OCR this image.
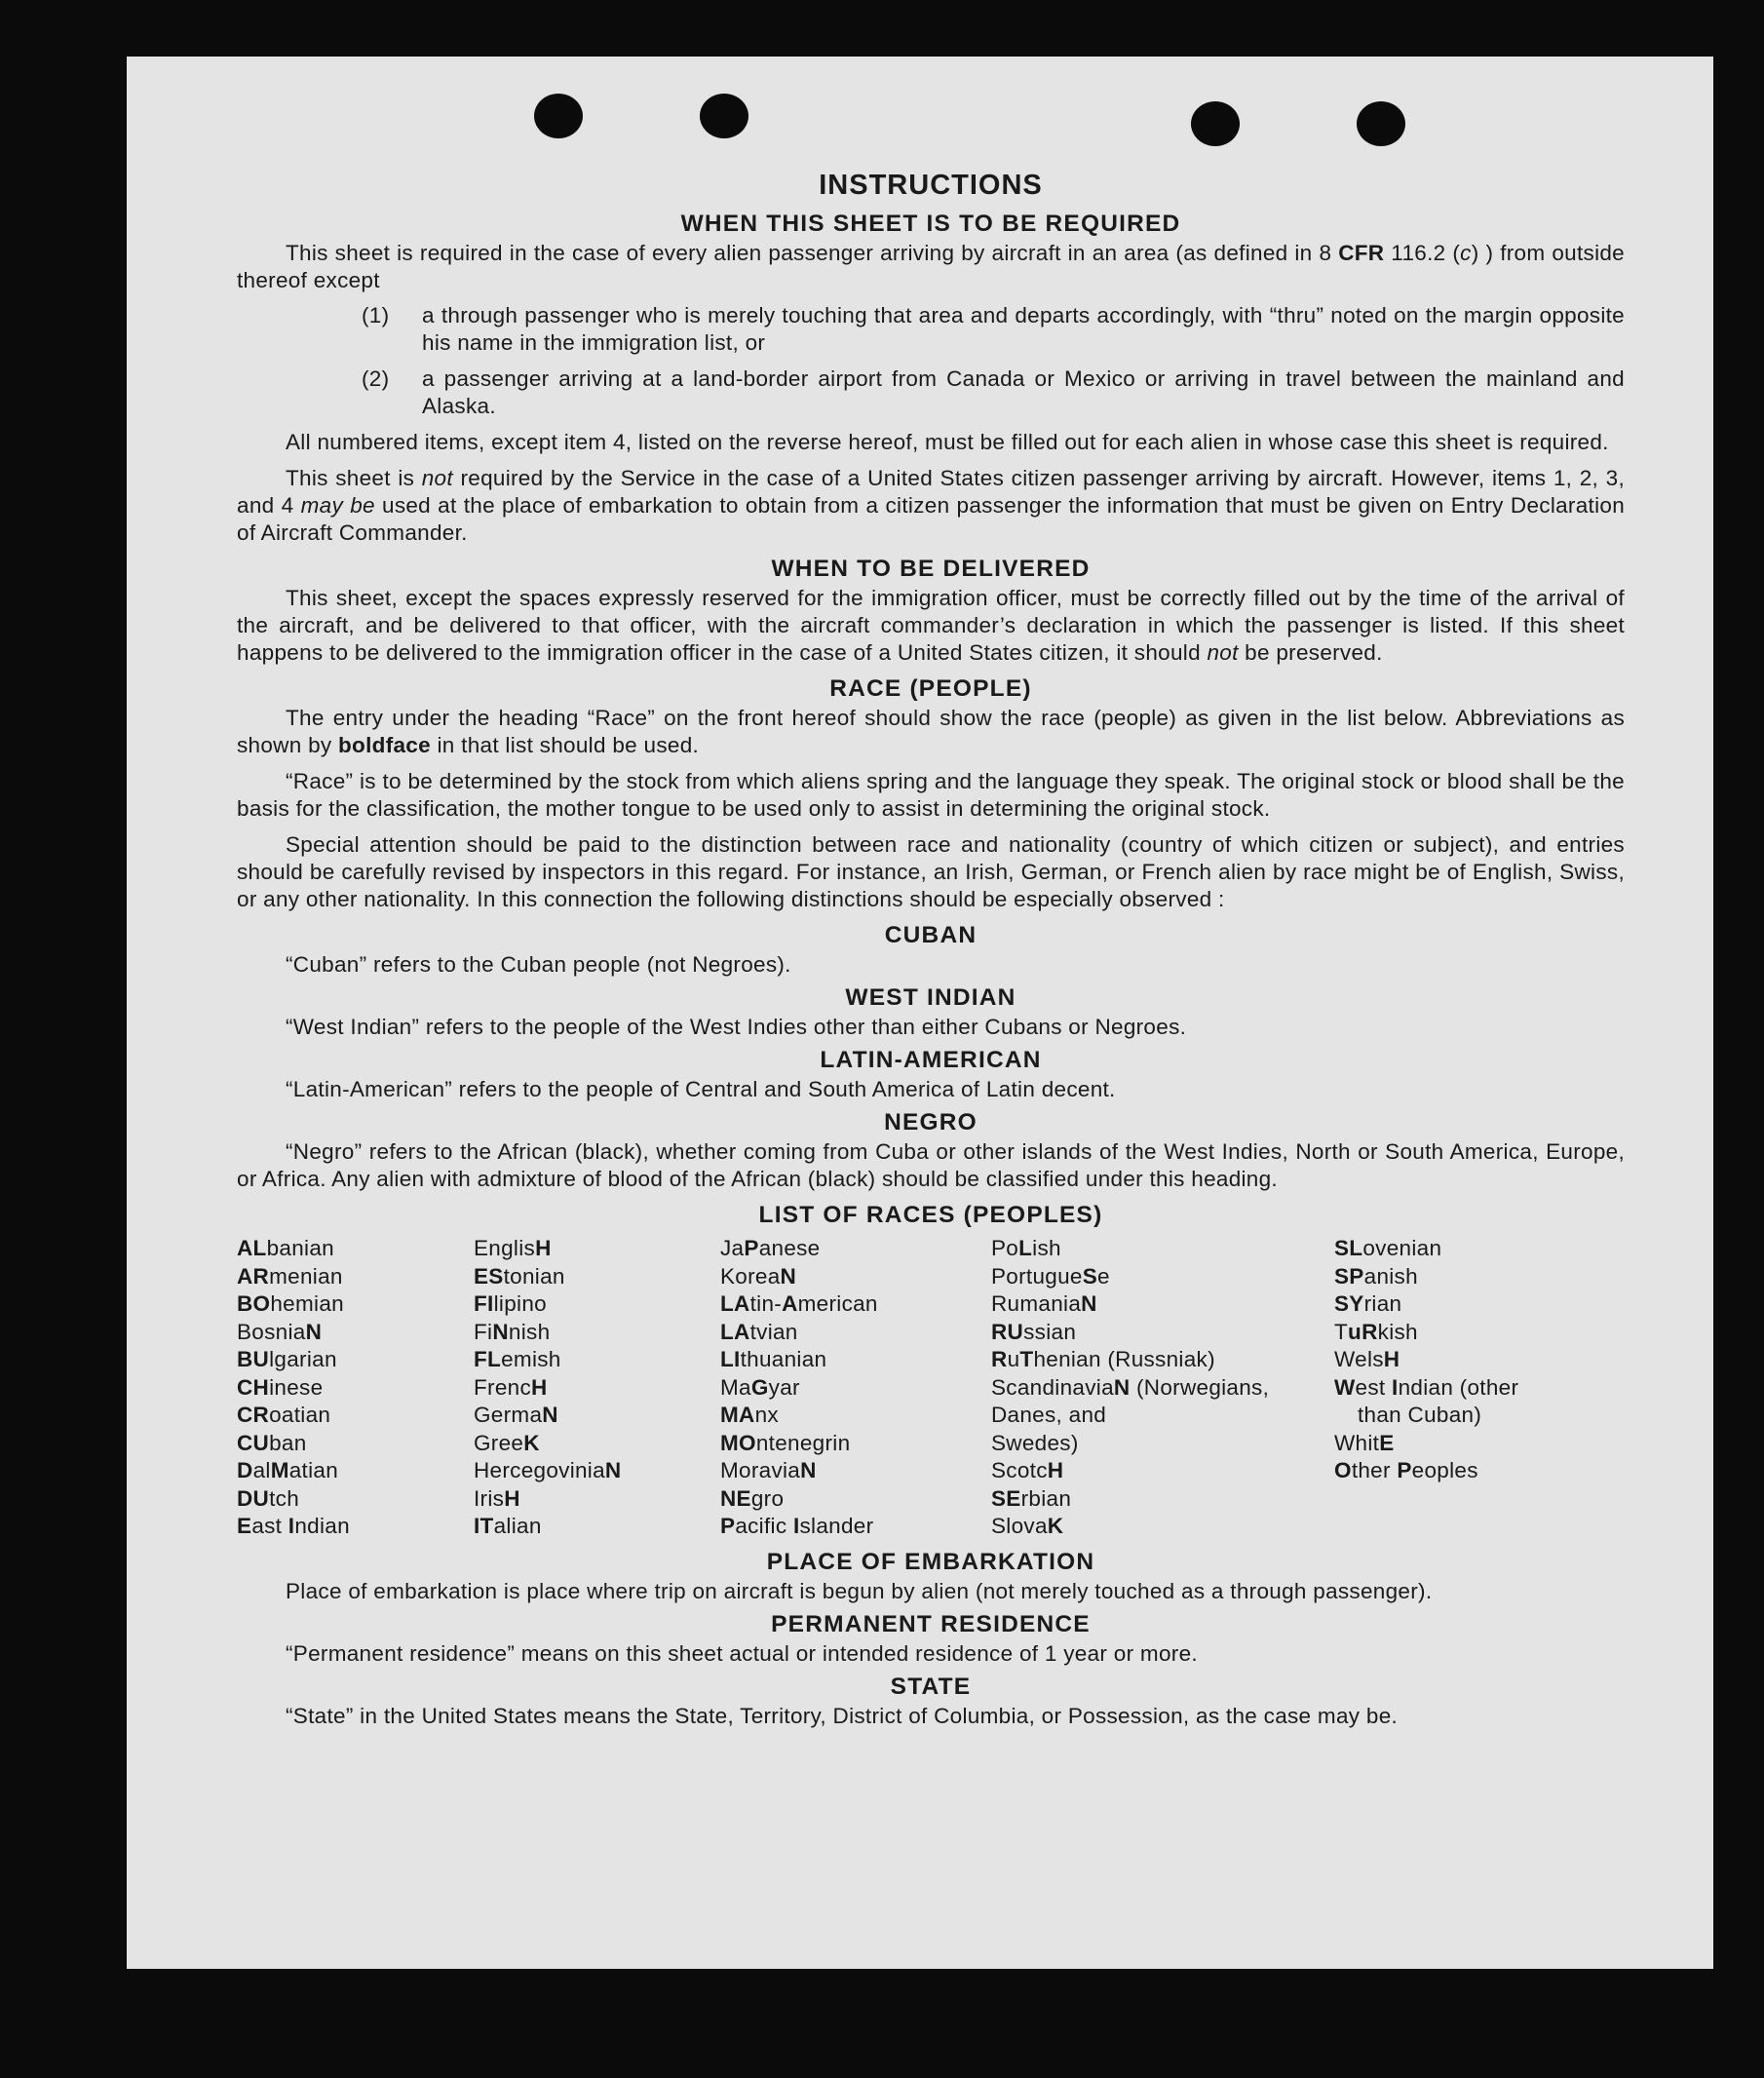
INSTRUCTIONS
WHEN THIS SHEET IS TO BE REQUIRED

This sheet is required in the case of every alien passenger arriving by aircraft in an area (as defined in 8 CFR 116.2 (c) ) from outside thereof except

(1)	a through passenger who is merely touching that area and departs accordingly, with “thru” noted on the margin opposite his name in the immigration list, or
(2)	a passenger arriving at a land-border airport from Canada or Mexico or arriving in travel between the mainland and Alaska.

All numbered items, except item 4, listed on the reverse hereof, must be filled out for each alien in whose case this sheet is required.

This sheet is not required by the Service in the case of a United States citizen passenger arriving by aircraft. However, items 1, 2, 3, and 4 may be used at the place of embarkation to obtain from a citizen passenger the information that must be given on Entry Declaration of Aircraft Commander.

WHEN TO BE DELIVERED

This sheet, except the spaces expressly reserved for the immigration officer, must be correctly filled out by the time of the arrival of the aircraft, and be delivered to that officer, with the aircraft commander’s declaration in which the passenger is listed. If this sheet happens to be delivered to the immigration officer in the case of a United States citizen, it should not be preserved.

RACE (PEOPLE)

The entry under the heading “Race” on the front hereof should show the race (people) as given in the list below. Abbreviations as shown by boldface in that list should be used.

“Race” is to be determined by the stock from which aliens spring and the language they speak. The original stock or blood shall be the basis for the classification, the mother tongue to be used only to assist in determining the original stock.

Special attention should be paid to the distinction between race and nationality (country of which citizen or subject), and entries should be carefully revised by inspectors in this regard. For instance, an Irish, German, or French alien by race might be of English, Swiss, or any other nationality. In this connection the following distinctions should be especially observed :

CUBAN
“Cuban” refers to the Cuban people (not Negroes).
WEST INDIAN
“West Indian” refers to the people of the West Indies other than either Cubans or Negroes.
LATIN-AMERICAN
“Latin-American” refers to the people of Central and South America of Latin decent.
NEGRO

“Negro” refers to the African (black), whether coming from Cuba or other islands of the West Indies, North or South America, Europe, or Africa. Any alien with admixture of blood of the African (black) should be classified under this heading.

LIST OF RACES (PEOPLES)
ALbanian
ARmenian
BOhemian
BosniaN
BUlgarian
CHinese
CRoatian
CUban
DalMatian
DUtch
East Indian
EnglisH
EStonian
FIlipino
FiNnish
FLemish
FrencH
GermaN
GreeK
HercegoviniaN
IrisH
ITalian
JaPanese
KoreaN
LAtin-American
LAtvian
LIthuanian
MaGyar
MAnx
MOntenegrin
MoraviaN
NEgro
Pacific Islander
PoLish
PortugueSe
RumaniaN
RUssian
RuThenian (Russniak)
ScandinaviaN (Norwegians,
Danes, and
Swedes)
ScotcH
SErbian
SlovaK
SLovenian
SPanish
SYrian
TuRkish
WelsH
West Indian (other
than Cuban)
WhitE
Other Peoples
PLACE OF EMBARKATION
Place of embarkation is place where trip on aircraft is begun by alien (not merely touched as a through passenger).
PERMANENT RESIDENCE
“Permanent residence” means on this sheet actual or intended residence of 1 year or more.
STATE
“State” in the United States means the State, Territory, District of Columbia, or Possession, as the case may be.
